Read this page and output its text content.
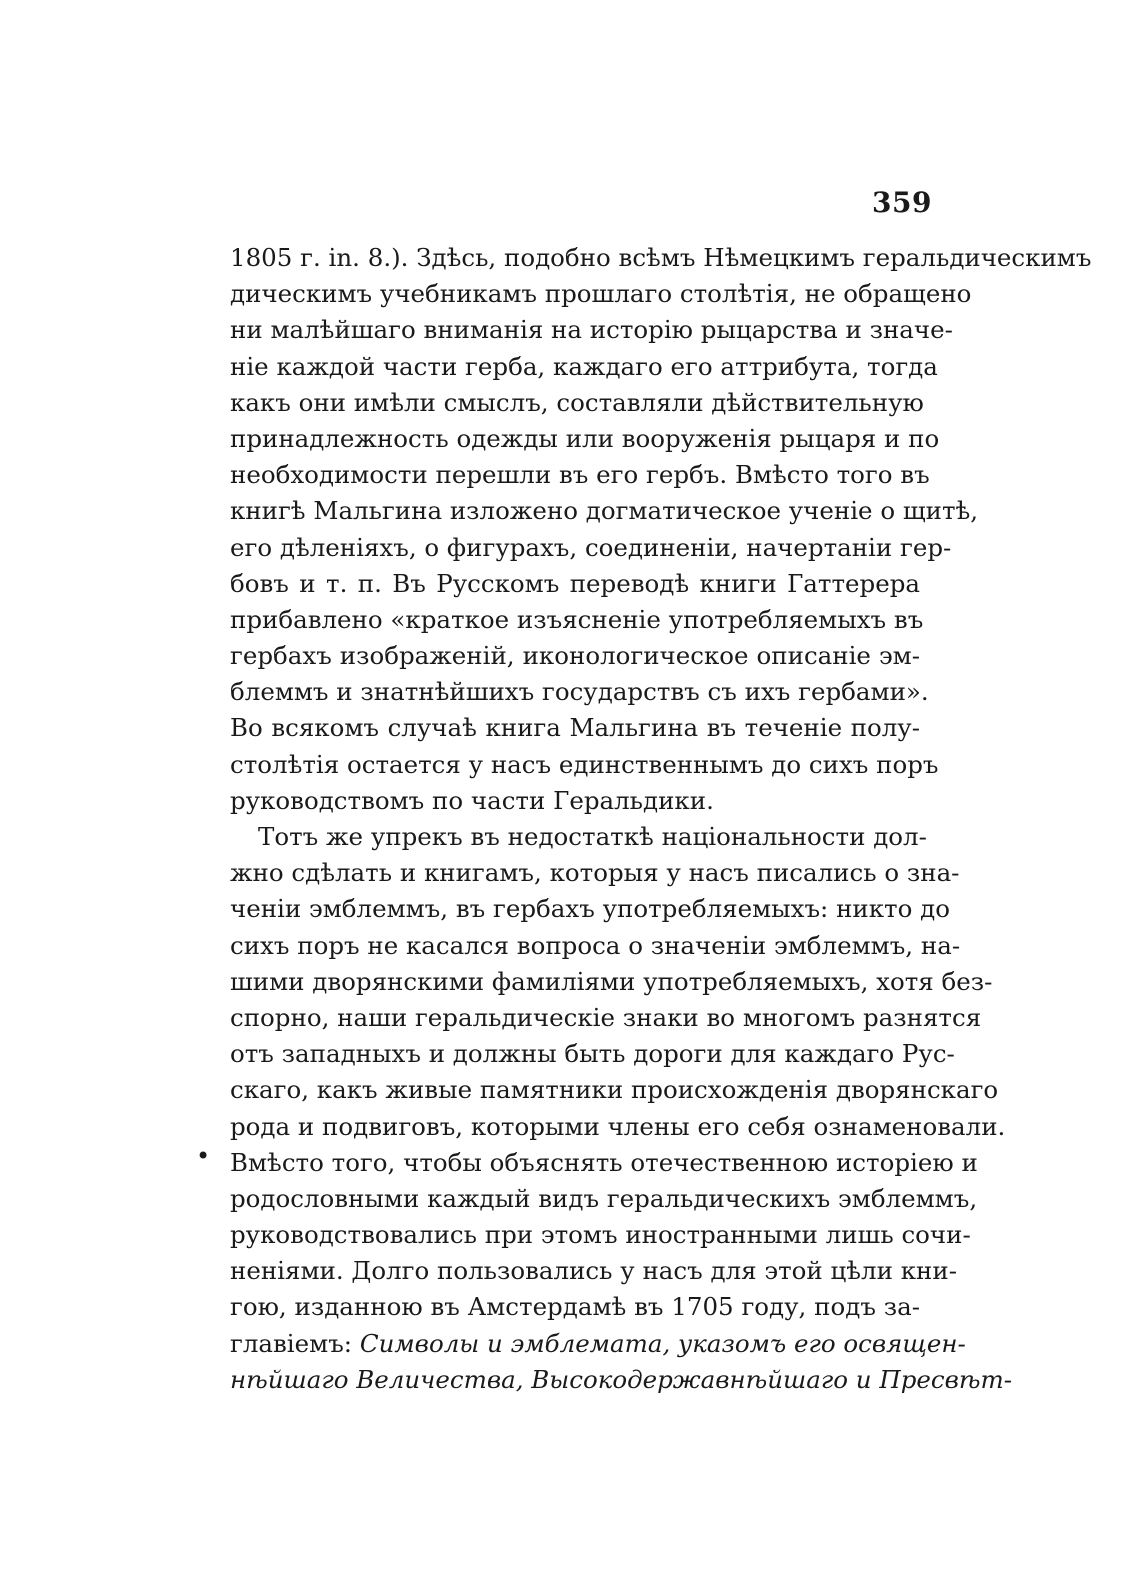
359
•
1805 г. in. 8.). Здѣсь, подобно всѣмъ Нѣмецкимъ геральдическимъ
дическимъ учебникамъ прошлаго столѣтія, не обращено
ни малѣйшаго вниманія на исторію рыцарства и значе-
ніе каждой части герба, каждаго его аттрибута, тогда
какъ они имѣли смыслъ, составляли дѣйствительную
принадлежность одежды или вооруженія рыцаря и по
необходимости перешли въ его гербъ. Вмѣсто того въ
книгѣ Мальгина изложено догматическое ученіе о щитѣ,
его дѣленіяхъ, о фигурахъ, соединеніи, начертаніи гер-
бовъ и т. п. Въ Русскомъ переводѣ книги Гаттерера
прибавлено «краткое изъясненіе употребляемыхъ въ
гербахъ изображеній, иконологическое описаніе эм-
блеммъ и знатнѣйшихъ государствъ съ ихъ гербами».
Во всякомъ случаѣ книга Мальгина въ теченіе полу-
столѣтія остается у насъ единственнымъ до сихъ поръ
руководствомъ по части Геральдики.
Тотъ же упрекъ въ недостаткѣ національности дол-
жно сдѣлать и книгамъ, которыя у насъ писались о зна-
ченіи эмблеммъ, въ гербахъ употребляемыхъ: никто до
сихъ поръ не касался вопроса о значеніи эмблеммъ, на-
шими дворянскими фамиліями употребляемыхъ, хотя без-
спорно, наши геральдическіе знаки во многомъ разнятся
отъ западныхъ и должны быть дороги для каждаго Рус-
скаго, какъ живые памятники происхожденія дворянскаго
рода и подвиговъ, которыми члены его себя ознаменовали.
Вмѣсто того, чтобы объяснять отечественною исторіею и
родословными каждый видъ геральдическихъ эмблеммъ,
руководствовались при этомъ иностранными лишь сочи-
неніями. Долго пользовались у насъ для этой цѣли кни-
гою, изданною въ Амстердамѣ въ 1705 году, подъ за-
главіемъ: Символы и эмблемата, указомъ его освящен-
нѣйшаго Величества, Высокодержавнѣйшаго и Пресвѣт-
